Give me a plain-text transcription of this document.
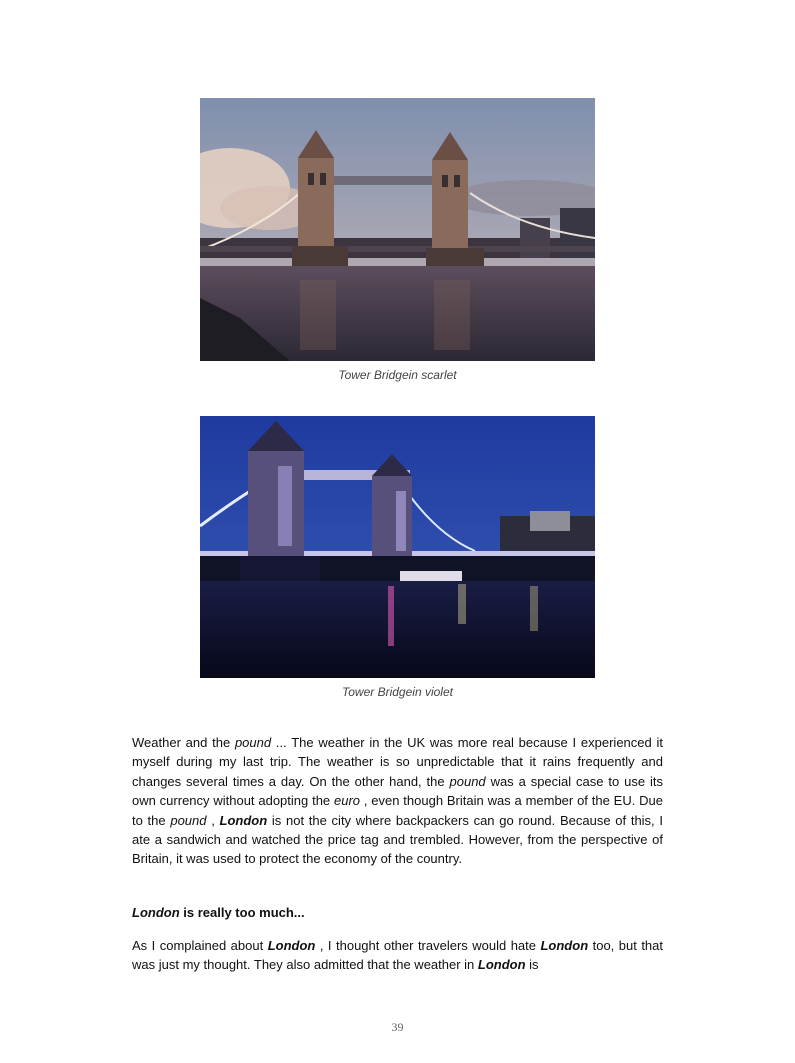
Tower Bridgein scarlet
Tower Bridgein violet
Weather and the pound ... The weather in the UK was more real because I experienced it myself during my last trip. The weather is so unpredictable that it rains frequently and changes several times a day. On the other hand, the pound was a special case to use its own currency without adopting the euro , even though Britain was a member of the EU. Due to the pound , London is not the city where backpackers can go round. Because of this, I ate a sandwich and watched the price tag and trembled. However, from the perspective of Britain, it was used to protect the economy of the country.
London is really too much...
As I complained about London , I thought other travelers would hate London too, but that was just my thought. They also admitted that the weather in London is
39
